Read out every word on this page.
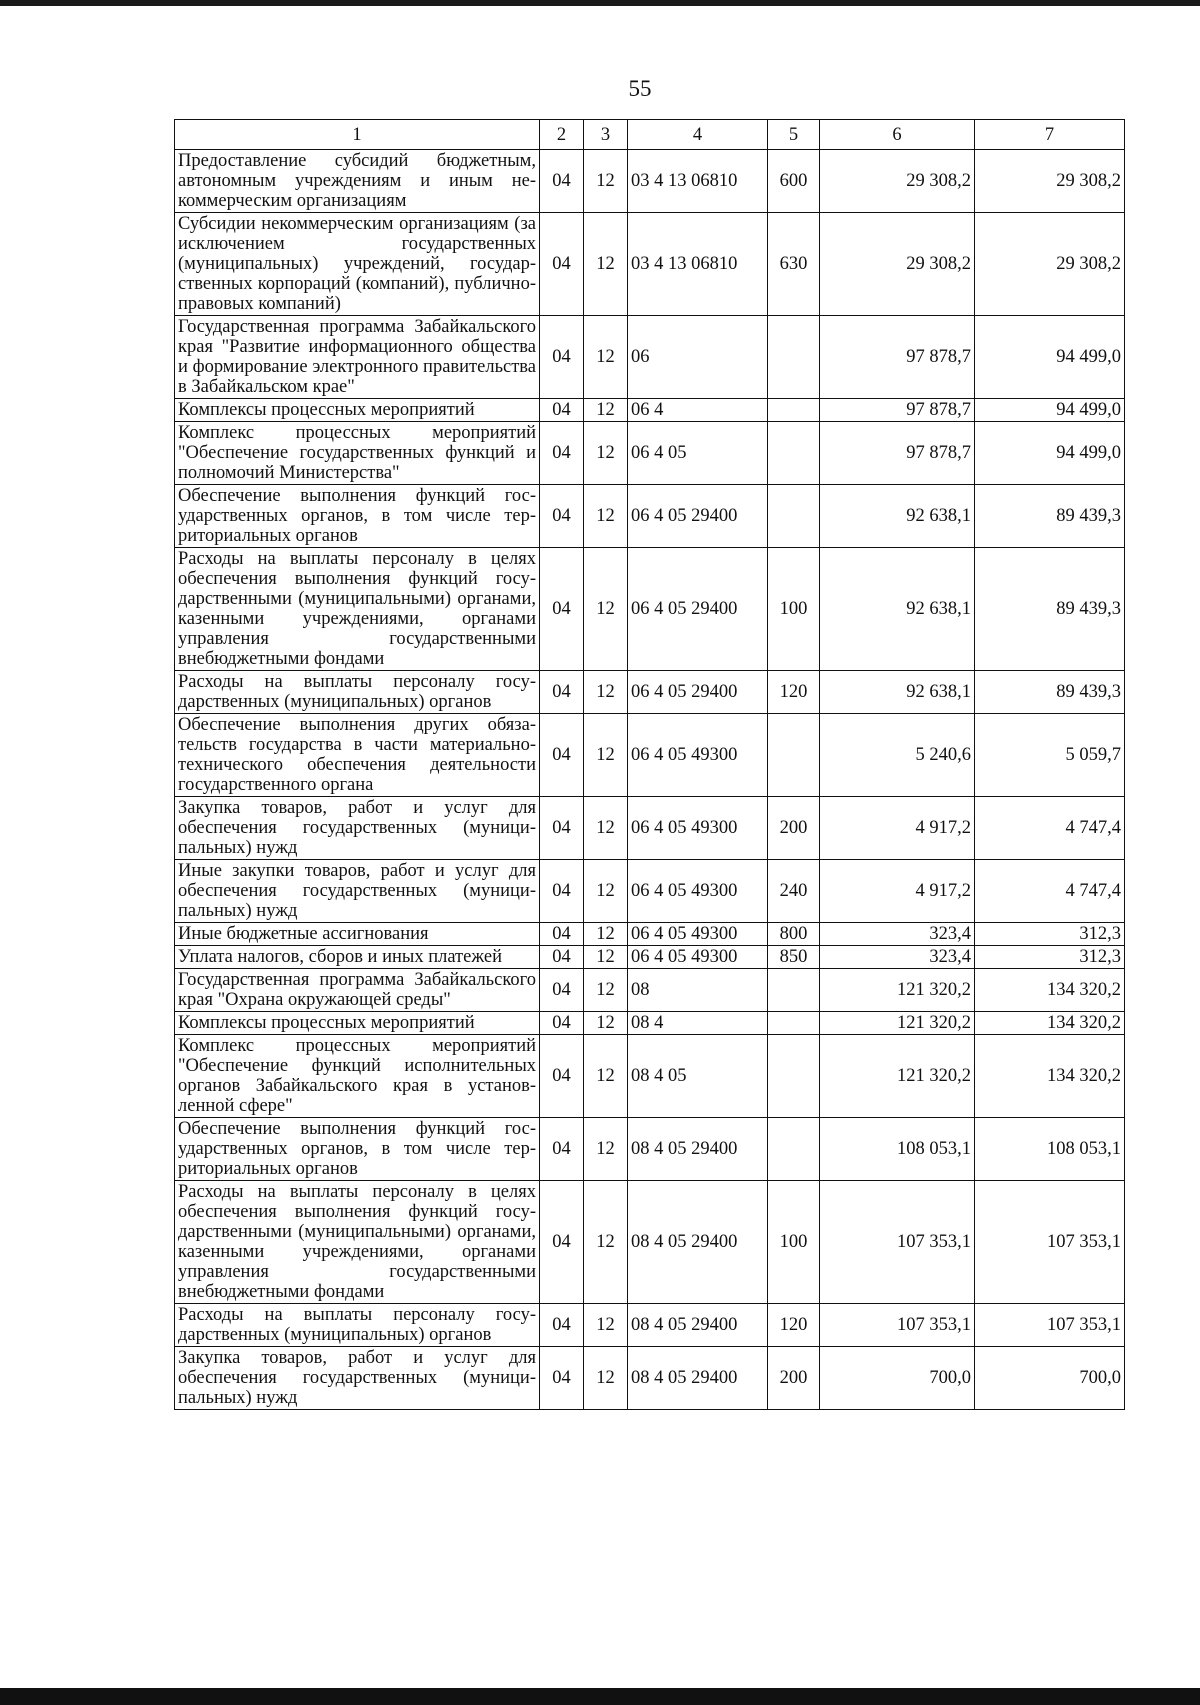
55
1	2	3	4	5	6	7
Предоставление субсидий бюджетным, автономным учреждениям и иным некоммерческим организациям	04	12	03 4 13 06810	600	29 308,2	29 308,2
Субсидии некоммерческим организациям (за исключением государственных (муниципальных) учреждений, государственных корпораций (компаний), публично-правовых компаний)	04	12	03 4 13 06810	630	29 308,2	29 308,2
Государственная программа Забайкальского края "Развитие информационного общества и формирование электронного правительства в Забайкальском крае"	04	12	06		97 878,7	94 499,0
Комплексы процессных мероприятий	04	12	06 4		97 878,7	94 499,0
Комплекс процессных мероприятий "Обеспечение государственных функций и полномочий Министерства"	04	12	06 4 05		97 878,7	94 499,0
Обеспечение выполнения функций государственных органов, в том числе территориальных органов	04	12	06 4 05 29400		92 638,1	89 439,3
Расходы на выплаты персоналу в целях обеспечения выполнения функций государственными (муниципальными) органами, казенными учреждениями, органами управления государственными внебюджетными фондами	04	12	06 4 05 29400	100	92 638,1	89 439,3
Расходы на выплаты персоналу государственных (муниципальных) органов	04	12	06 4 05 29400	120	92 638,1	89 439,3
Обеспечение выполнения других обязательств государства в части материально-технического обеспечения деятельности государственного органа	04	12	06 4 05 49300		5 240,6	5 059,7
Закупка товаров, работ и услуг для обеспечения государственных (муниципальных) нужд	04	12	06 4 05 49300	200	4 917,2	4 747,4
Иные закупки товаров, работ и услуг для обеспечения государственных (муниципальных) нужд	04	12	06 4 05 49300	240	4 917,2	4 747,4
Иные бюджетные ассигнования	04	12	06 4 05 49300	800	323,4	312,3
Уплата налогов, сборов и иных платежей	04	12	06 4 05 49300	850	323,4	312,3
Государственная программа Забайкальского края "Охрана окружающей среды"	04	12	08		121 320,2	134 320,2
Комплексы процессных мероприятий	04	12	08 4		121 320,2	134 320,2
Комплекс процессных мероприятий "Обеспечение функций исполнительных органов Забайкальского края в установленной сфере"	04	12	08 4 05		121 320,2	134 320,2
Обеспечение выполнения функций государственных органов, в том числе территориальных органов	04	12	08 4 05 29400		108 053,1	108 053,1
Расходы на выплаты персоналу в целях обеспечения выполнения функций государственными (муниципальными) органами, казенными учреждениями, органами управления государственными внебюджетными фондами	04	12	08 4 05 29400	100	107 353,1	107 353,1
Расходы на выплаты персоналу государственных (муниципальных) органов	04	12	08 4 05 29400	120	107 353,1	107 353,1
Закупка товаров, работ и услуг для обеспечения государственных (муниципальных) нужд	04	12	08 4 05 29400	200	700,0	700,0
